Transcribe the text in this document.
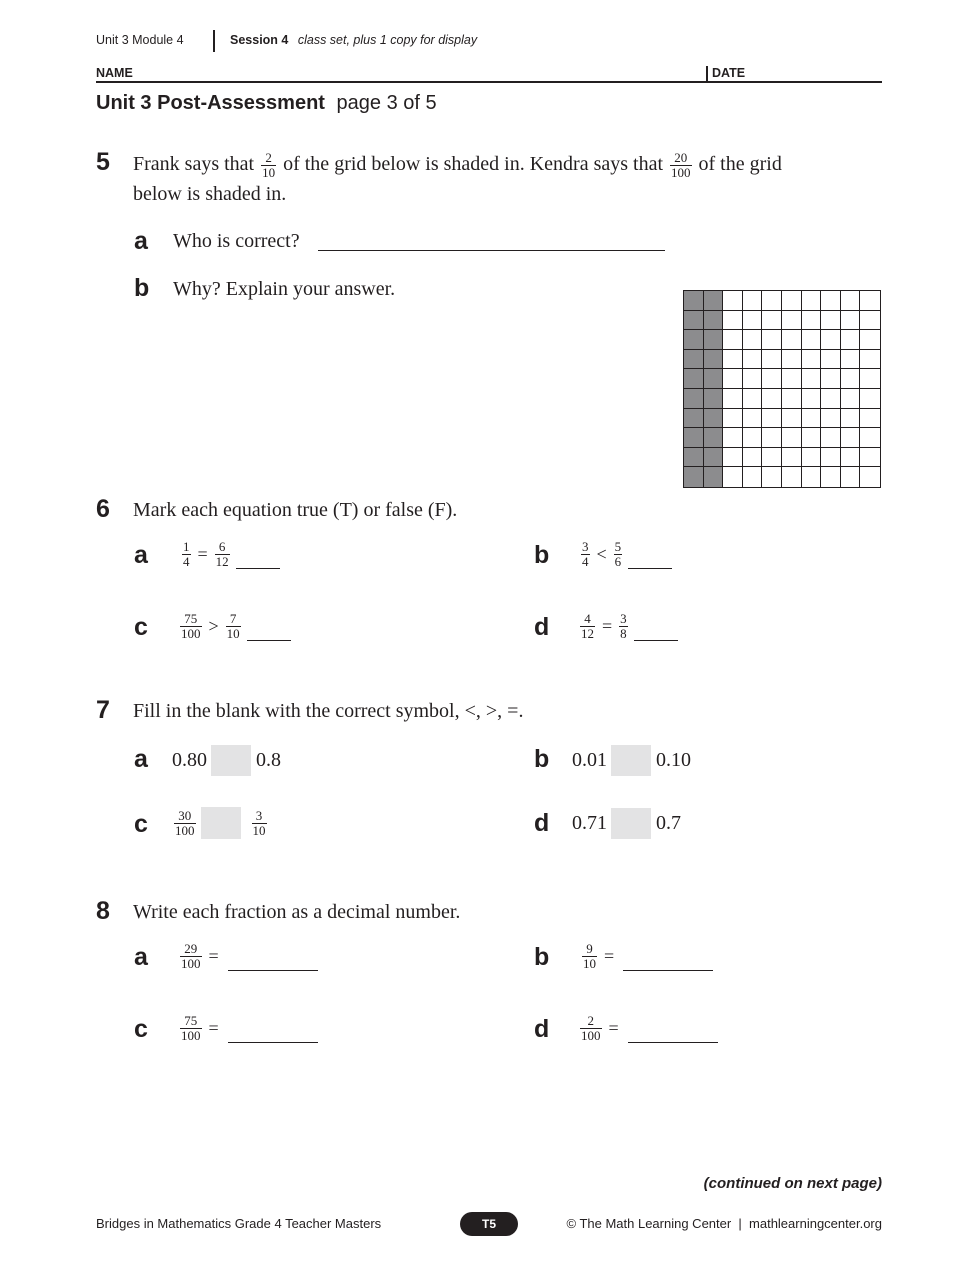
Unit 3 Module 4	Session 4 class set, plus 1 copy for display
NAME	DATE
Unit 3 Post-Assessment page 3 of 5
5 Frank says that $\frac{2}{10}$ of the grid below is shaded in. Kendra says that $\frac{20}{100}$ of the grid
below is shaded in.
a Who is correct?
b Why? Explain your answer.
6 Mark each equation true (T) or false (F).
a	$\frac{1}{4} = \frac{6}{12}$	b $\frac{3}{4} < \frac{5}{6}$
c $\frac{75}{100} > \frac{7}{10}$	d $\frac{4}{12} = \frac{3}{8}$
7 Fill in the blank with the correct symbol, <, >, =.
a 0.80 0.8	b 0.01 0.10
c $\frac{30}{100}$	$\frac{3}{10}$	d 0.71 0.7
8 Write each fraction as a decimal number.
a $\frac{29}{100}$ =	b	$\frac{9}{10}$ =
c $\frac{75}{100}$ =	d $\frac{2}{100}$ =
(continued on next page)
Bridges in Mathematics Grade 4 Teacher Masters	T5	© The Math Learning Center  |  mathlearningcenter.org
